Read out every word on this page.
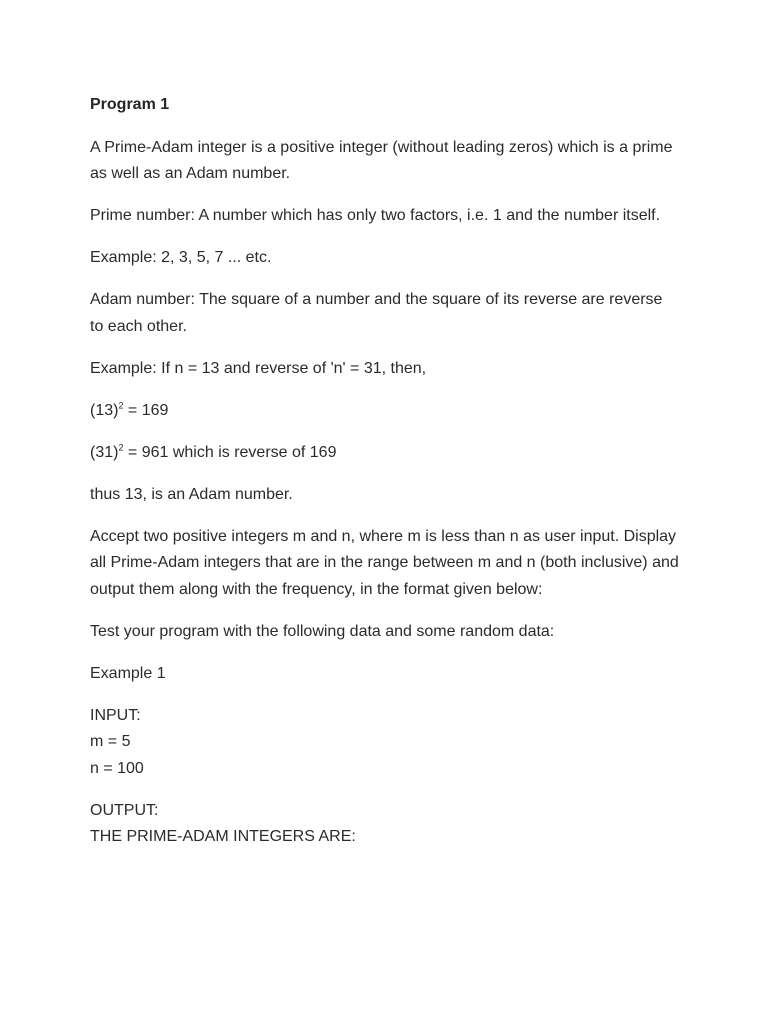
Program 1

A Prime-Adam integer is a positive integer (without leading zeros) which is a prime as well as an Adam number.

Prime number: A number which has only two factors, i.e. 1 and the number itself.

Example: 2, 3, 5, 7 ... etc.

Adam number: The square of a number and the square of its reverse are reverse to each other.

Example: If n = 13 and reverse of 'n' = 31, then,

$(13)^2 = 169$

$(31)^2 = 961$ which is reverse of 169

thus 13, is an Adam number.

Accept two positive integers m and n, where m is less than n as user input. Display all Prime-Adam integers that are in the range between m and n (both inclusive) and output them along with the frequency, in the format given below:

Test your program with the following data and some random data:

Example 1

INPUT:
m = 5
n = 100

OUTPUT:
THE PRIME-ADAM INTEGERS ARE:
